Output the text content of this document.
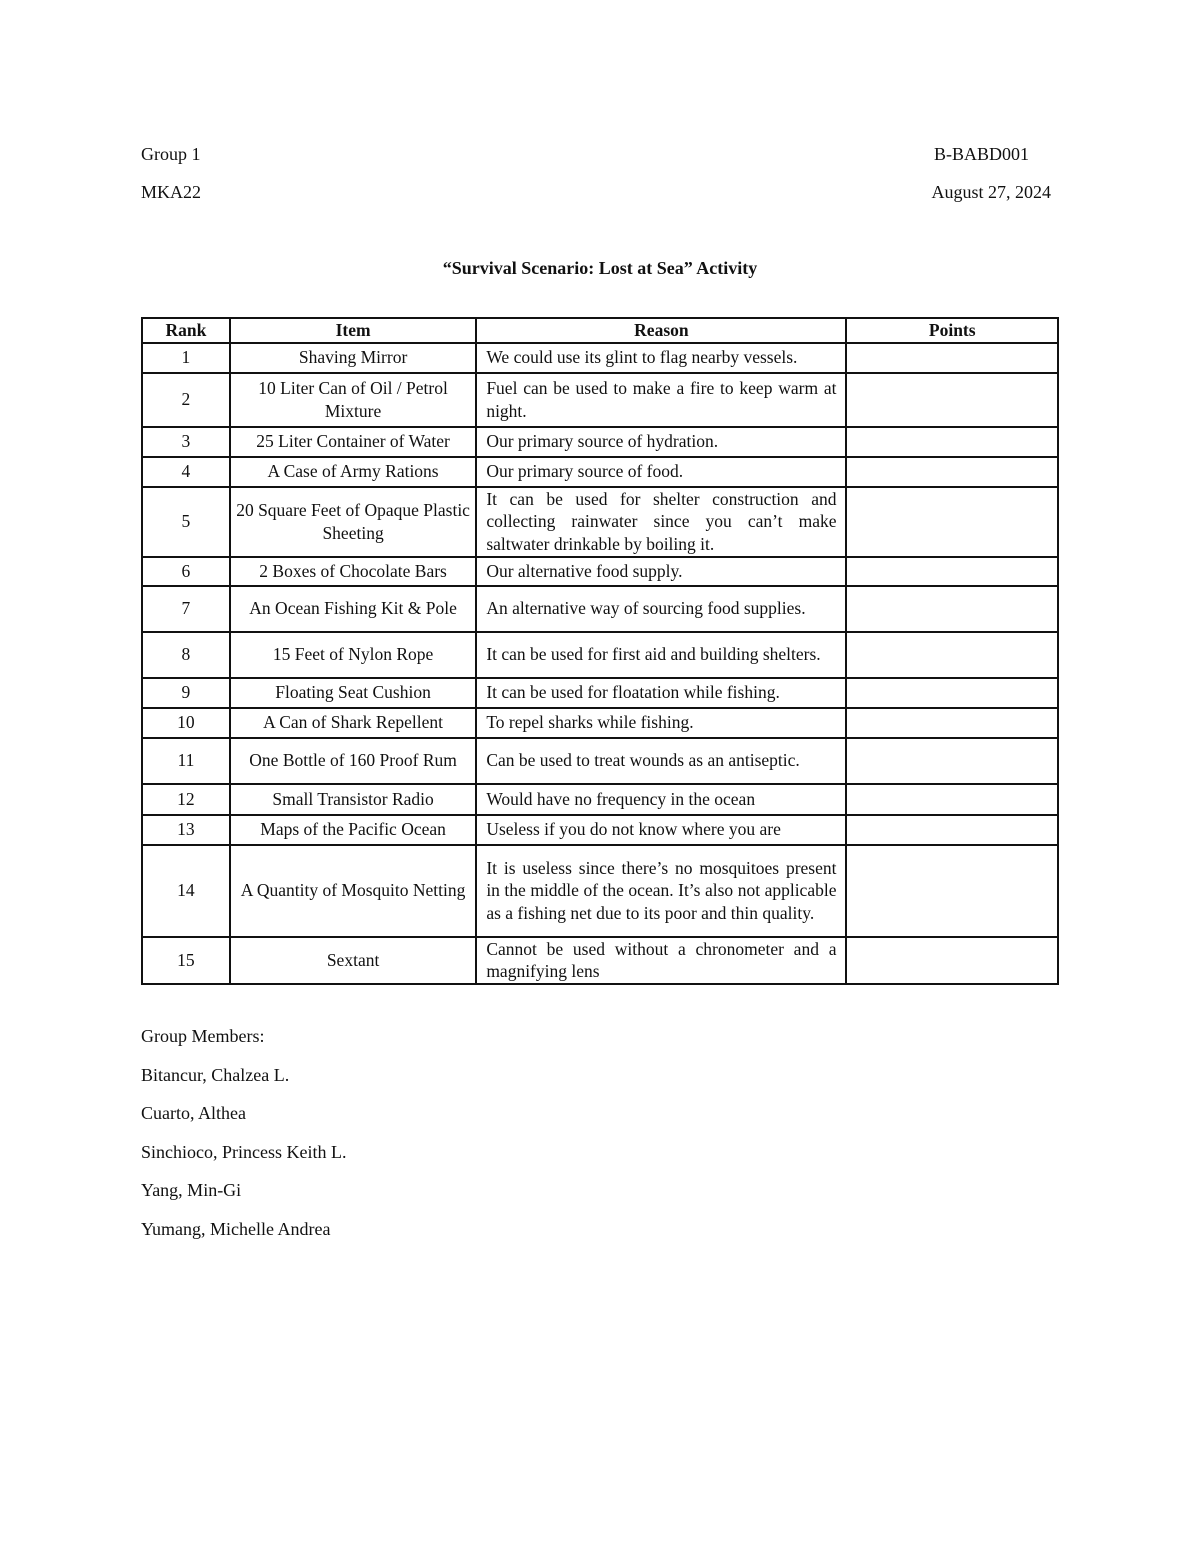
Group 1	B-BABD001
MKA22	August 27, 2024
“Survival Scenario: Lost at Sea” Activity
Rank	Item	Reason	Points
1	Shaving Mirror	We could use its glint to flag nearby vessels.	
2	10 Liter Can of Oil / Petrol Mixture	Fuel can be used to make a fire to keep warm at night.	
3	25 Liter Container of Water	Our primary source of hydration.	
4	A Case of Army Rations	Our primary source of food.	
5	20 Square Feet of Opaque Plastic Sheeting	It can be used for shelter construction and collecting rainwater since you can’t make saltwater drinkable by boiling it.	
6	2 Boxes of Chocolate Bars	Our alternative food supply.	
7	An Ocean Fishing Kit & Pole	An alternative way of sourcing food supplies.	
8	15 Feet of Nylon Rope	It can be used for first aid and building shelters.	
9	Floating Seat Cushion	It can be used for floatation while fishing.	
10	A Can of Shark Repellent	To repel sharks while fishing.	
11	One Bottle of 160 Proof Rum	Can be used to treat wounds as an antiseptic.	
12	Small Transistor Radio	Would have no frequency in the ocean	
13	Maps of the Pacific Ocean	Useless if you do not know where you are	
14	A Quantity of Mosquito Netting	It is useless since there’s no mosquitoes present in the middle of the ocean. It’s also not applicable as a fishing net due to its poor and thin quality.	
15	Sextant	Cannot be used without a chronometer and a magnifying lens	
Group Members:
Bitancur, Chalzea L.
Cuarto, Althea
Sinchioco, Princess Keith L.
Yang, Min-Gi
Yumang, Michelle Andrea
